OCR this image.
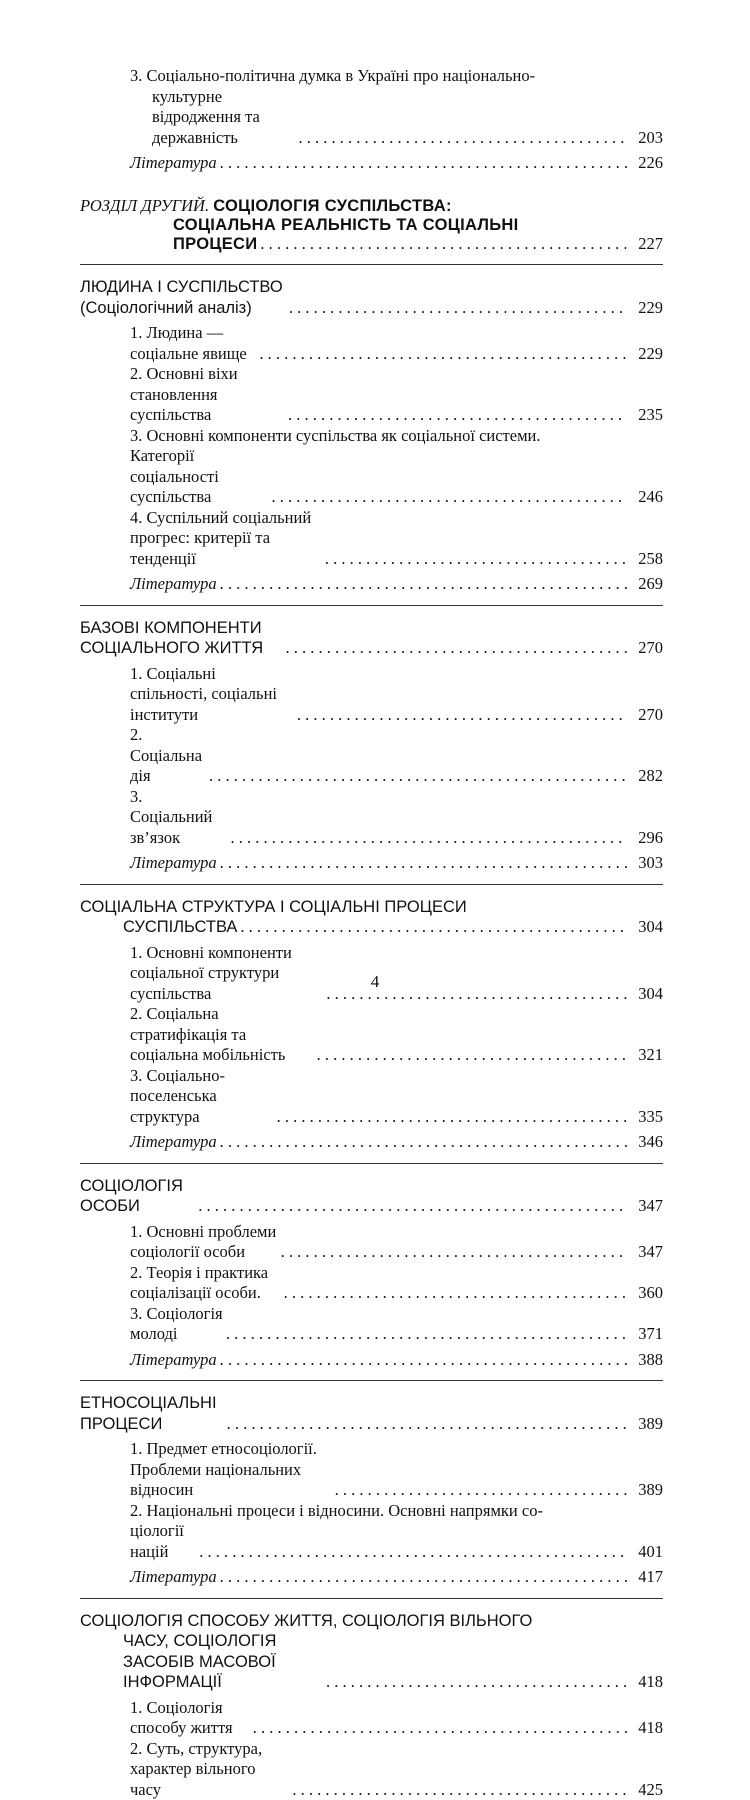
3. Соціально-політична думка в Україні про національно-
культурне відродження та державність . . .	203
Література . . .	226
РОЗДІЛ ДРУГИЙ. СОЦІОЛОГІЯ СУСПІЛЬСТВА:
СОЦІАЛЬНА РЕАЛЬНІСТЬ ТА СОЦІАЛЬНІ
ПРОЦЕСИ . . .	227
ЛЮДИНА І СУСПІЛЬСТВО (Соціологічний аналіз) . . .	229
1. Людина — соціальне явище . . .	229
2. Основні віхи становлення суспільства . . .	235
3. Основні компоненти суспільства як соціальної системи.
Категорії соціальності суспільства . . .	246
4. Суспільний соціальний прогрес: критерії та тенденції . . .	258
Література . . .	269
БАЗОВІ КОМПОНЕНТИ СОЦІАЛЬНОГО ЖИТТЯ . . .	270
1. Соціальні спільності, соціальні інститути . . .	270
2. Соціальна дія . . .	282
3. Соціальний зв’язок . . .	296
Література . . .	303
СОЦІАЛЬНА СТРУКТУРА І СОЦІАЛЬНІ ПРОЦЕСИ
СУСПІЛЬСТВА . . .	304
1. Основні компоненти соціальної структури суспільства . . .	304
2. Соціальна стратифікація та соціальна мобільність . . .	321
3. Соціально-поселенська структура . . .	335
Література . . .	346
СОЦІОЛОГІЯ ОСОБИ . . .	347
1. Основні проблеми соціології особи . . .	347
2. Теорія і практика соціалізації особи. . . .	360
3. Соціологія молоді . . .	371
Література . . .	388
ЕТНОСОЦІАЛЬНІ ПРОЦЕСИ . . .	389
1. Предмет етносоціології. Проблеми національних відносин . . .	389
2. Національні процеси і відносини. Основні напрямки со-
ціології націй . . .	401
Література . . .	417
СОЦІОЛОГІЯ СПОСОБУ ЖИТТЯ, СОЦІОЛОГІЯ ВІЛЬНОГО
ЧАСУ, СОЦІОЛОГІЯ ЗАСОБІВ МАСОВОЇ ІНФОРМАЦІЇ . . .	418
1. Соціологія способу життя . . .	418
2. Суть, структура, характер вільного часу . . .	425
4
